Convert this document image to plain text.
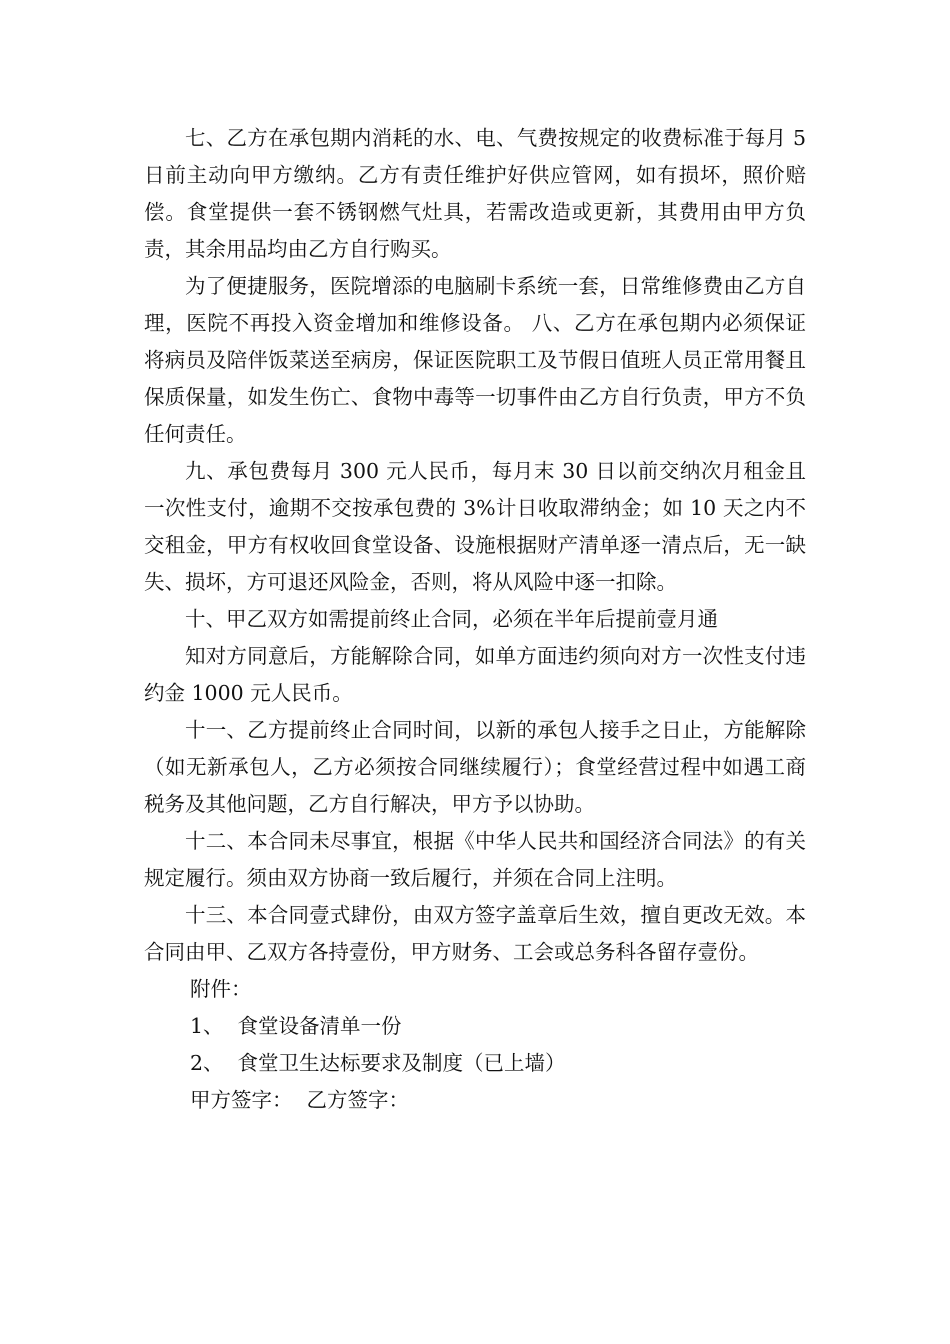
七、乙方在承包期内消耗的水、电、气费按规定的收费标准于每月 5 日前主动向甲方缴纳。乙方有责任维护好供应管网，如有损坏，照价赔偿。食堂提供一套不锈钢燃气灶具，若需改造或更新，其费用由甲方负责，其余用品均由乙方自行购买。

为了便捷服务，医院增添的电脑刷卡系统一套，日常维修费由乙方自理，医院不再投入资金增加和维修设备。 八、乙方在承包期内必须保证将病员及陪伴饭菜送至病房，保证医院职工及节假日值班人员正常用餐且保质保量，如发生伤亡、食物中毒等一切事件由乙方自行负责，甲方不负任何责任。

九、承包费每月 300 元人民币，每月末 30 日以前交纳次月租金且一次性支付，逾期不交按承包费的 3%计日收取滞纳金；如 10 天之内不交租金，甲方有权收回食堂设备、设施根据财产清单逐一清点后，无一缺失、损坏，方可退还风险金，否则，将从风险中逐一扣除。

十、甲乙双方如需提前终止合同，必须在半年后提前壹月通

知对方同意后，方能解除合同，如单方面违约须向对方一次性支付违约金 1000 元人民币。

十一、乙方提前终止合同时间，以新的承包人接手之日止，方能解除（如无新承包人，乙方必须按合同继续履行）；食堂经营过程中如遇工商税务及其他问题，乙方自行解决，甲方予以协助。

十二、本合同未尽事宜，根据《中华人民共和国经济合同法》的有关规定履行。须由双方协商一致后履行，并须在合同上注明。

十三、本合同壹式肆份，由双方签字盖章后生效，擅自更改无效。本合同由甲、乙双方各持壹份，甲方财务、工会或总务科各留存壹份。

附件：

1、 食堂设备清单一份

2、 食堂卫生达标要求及制度（已上墙）

甲方签字： 乙方签字：
